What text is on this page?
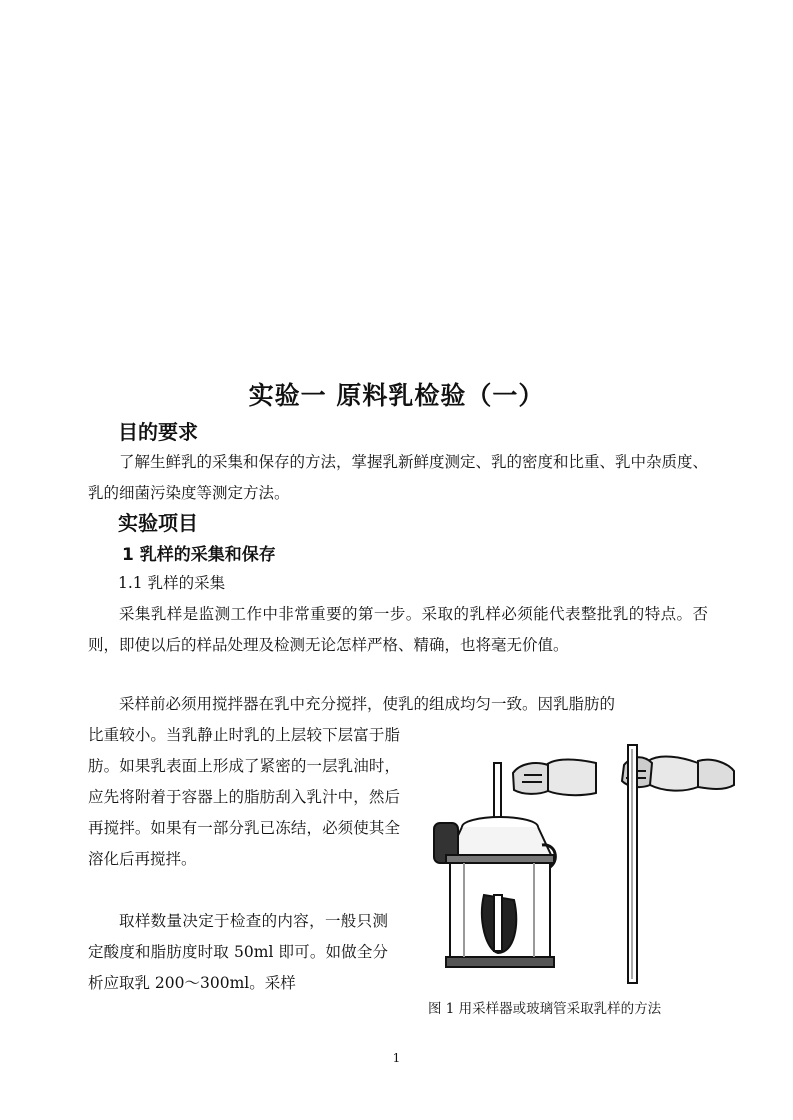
实验一 原料乳检验（一）
目的要求
了解生鲜乳的采集和保存的方法，掌握乳新鲜度测定、乳的密度和比重、乳中杂质度、乳的细菌污染度等测定方法。
实验项目
1 乳样的采集和保存
1.1 乳样的采集
采集乳样是监测工作中非常重要的第一步。采取的乳样必须能代表整批乳的特点。否则，即使以后的样品处理及检测无论怎样严格、精确，也将毫无价值。
采样前必须用搅拌器在乳中充分搅拌，使乳的组成均匀一致。因乳脂肪的
比重较小。当乳静止时乳的上层较下层富于脂肪。如果乳表面上形成了紧密的一层乳油时，应先将附着于容器上的脂肪刮入乳汁中，然后再搅拌。如果有一部分乳已冻结，必须使其全溶化后再搅拌。
取样数量决定于检查的内容，一般只测定酸度和脂肪度时取 50ml 即可。如做全分析应取乳 200～300ml。采样
图 1 用采样器或玻璃管采取乳样的方法
1
